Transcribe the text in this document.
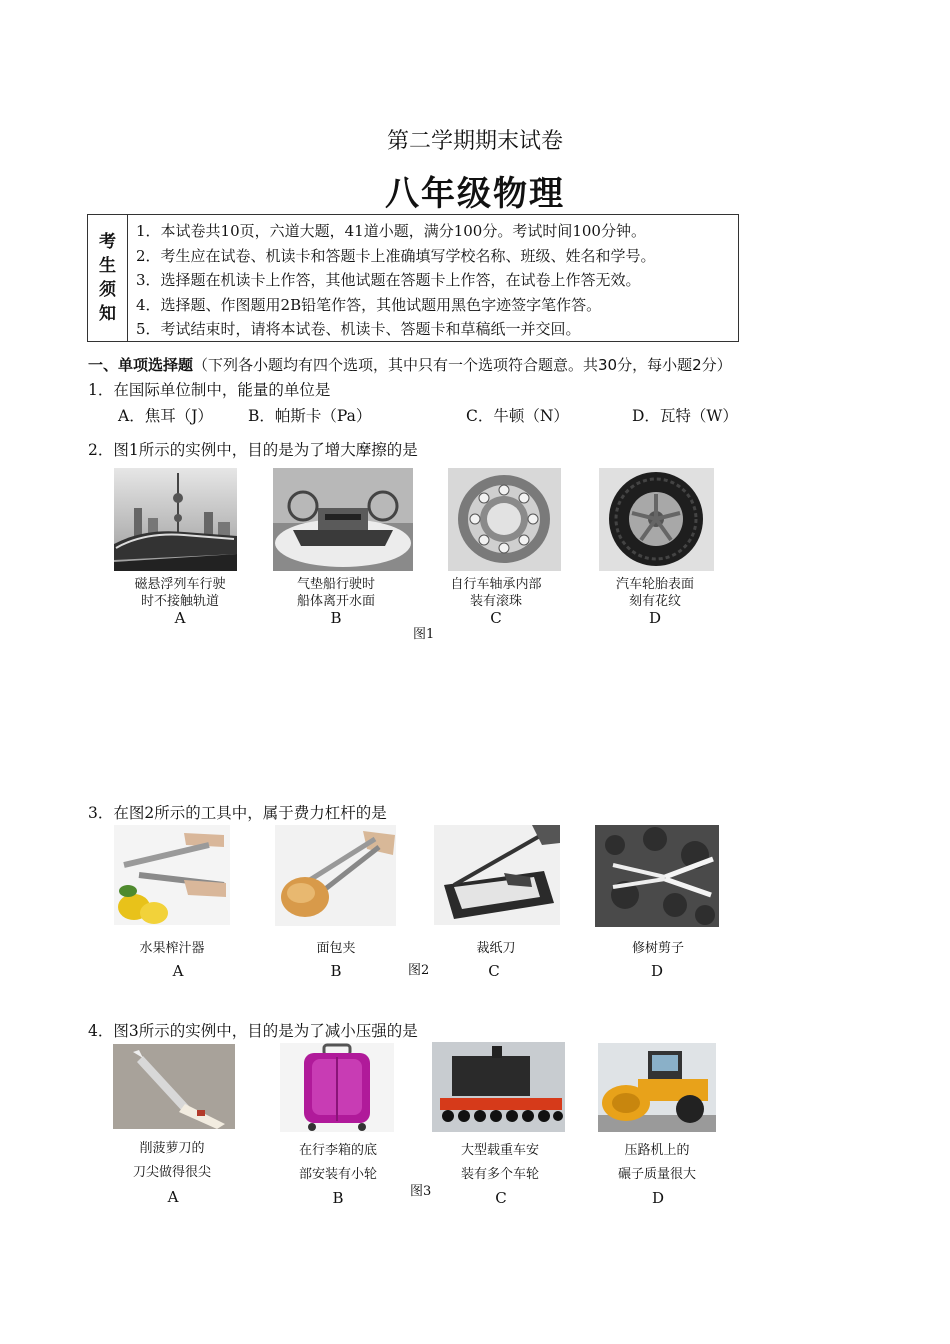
第二学期期末试卷
八年级物理
考
生
须
知
1．本试卷共10页，六道大题，41道小题，满分100分。考试时间100分钟。
2．考生应在试卷、机读卡和答题卡上准确填写学校名称、班级、姓名和学号。
3．选择题在机读卡上作答，其他试题在答题卡上作答，在试卷上作答无效。
4．选择题、作图题用2B铅笔作答，其他试题用黑色字迹签字笔作答。
5．考试结束时，请将本试卷、机读卡、答题卡和草稿纸一并交回。
一、单项选择题（下列各小题均有四个选项，其中只有一个选项符合题意。共30分，每小题2分）
1．在国际单位制中，能量的单位是
A．焦耳（J） B．帕斯卡（Pa）	C．牛顿（N）	D．瓦特（W）
2．图1所示的实例中，目的是为了增大摩擦的是
磁悬浮列车行驶
时不接触轨道
A
气垫船行驶时
船体离开水面
B
自行车轴承内部
装有滚珠
C
汽车轮胎表面
刻有花纹
D
图1
3．在图2所示的工具中，属于费力杠杆的是
水果榨汁器
A
面包夹
B
裁纸刀
C
修树剪子
D
图2
4．图3所示的实例中，目的是为了减小压强的是
削菠萝刀的
刀尖做得很尖
A
在行李箱的底
部安装有小轮
B
大型载重车安
装有多个车轮
C
压路机上的
碾子质量很大
D
图3
